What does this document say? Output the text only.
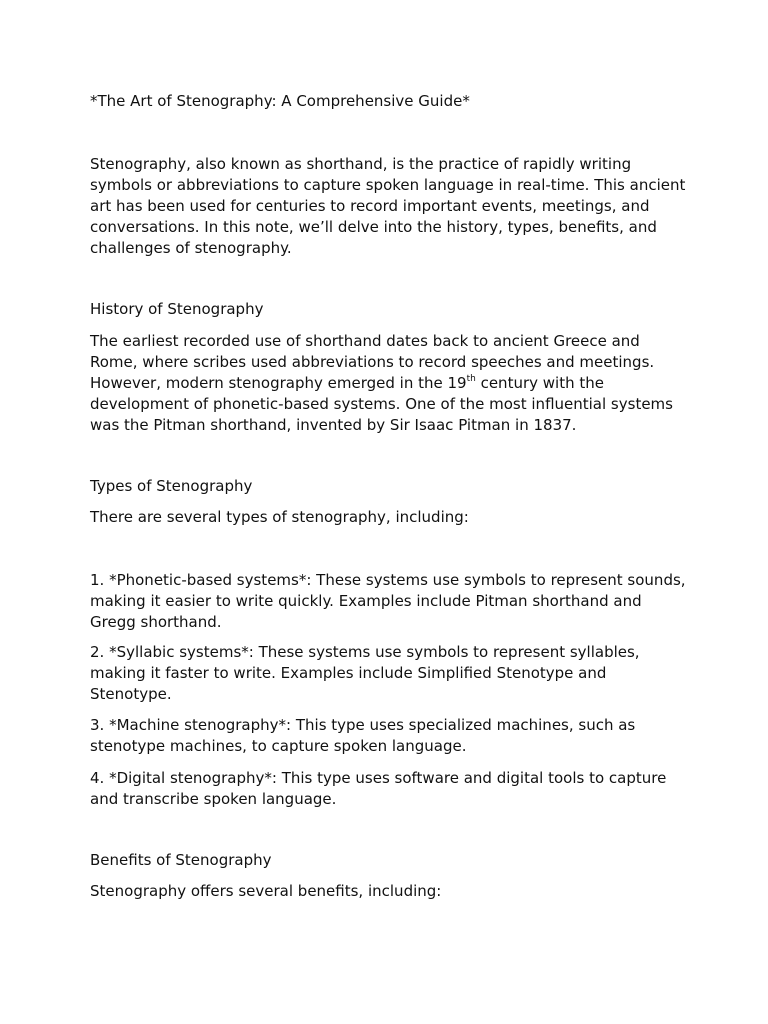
*The Art of Stenography: A Comprehensive Guide*

Stenography, also known as shorthand, is the practice of rapidly writing symbols or abbreviations to capture spoken language in real-time. This ancient art has been used for centuries to record important events, meetings, and conversations. In this note, we’ll delve into the history, types, benefits, and challenges of stenography.

History of Stenography

The earliest recorded use of shorthand dates back to ancient Greece and Rome, where scribes used abbreviations to record speeches and meetings. However, modern stenography emerged in the 19th century with the development of phonetic-based systems. One of the most influential systems was the Pitman shorthand, invented by Sir Isaac Pitman in 1837.

Types of Stenography

There are several types of stenography, including:

1. *Phonetic-based systems*: These systems use symbols to represent sounds, making it easier to write quickly. Examples include Pitman shorthand and Gregg shorthand.

2. *Syllabic systems*: These systems use symbols to represent syllables, making it faster to write. Examples include Simplified Stenotype and Stenotype.

3. *Machine stenography*: This type uses specialized machines, such as stenotype machines, to capture spoken language.

4. *Digital stenography*: This type uses software and digital tools to capture and transcribe spoken language.

Benefits of Stenography

Stenography offers several benefits, including:
